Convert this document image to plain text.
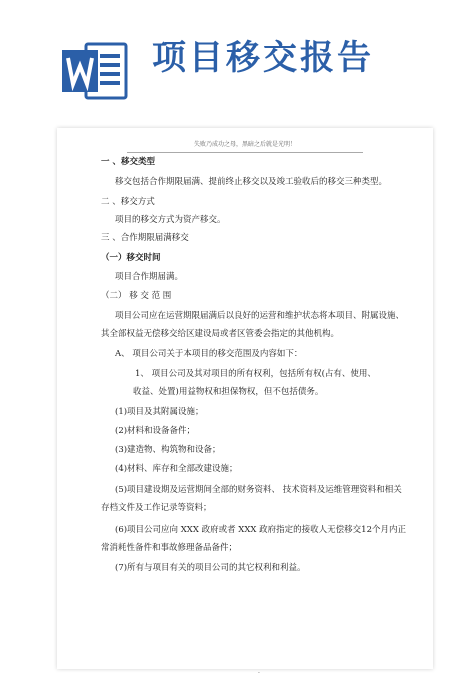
项目移交报告
失败乃成功之母，黑暗之后就是光明！
一 、移交类型
移交包括合作期限届满、提前终止移交以及竣工验收后的移交三种类型。
二 、移交方式
项目的移交方式为资产移交。
三 、合作期限届满移交
（一）移交时间
项目合作期届满。
（二） 移 交 范 围
项目公司应在运营期限届满后以良好的运营和维护状态将本项目、附属设施、
其全部权益无偿移交给区建设局或者区管委会指定的其他机构。
A、 项目公司关于本项目的移交范围及内容如下：
1、 项目公司及其对项目的所有权利，包括所有权(占有、使用、
收益、处置)用益物权和担保物权，但不包括债务。
(1)项目及其附属设施；
(2)材料和设备备件；
(3)建造物、构筑物和设备；
(4)材料、库存和全部改建设施；
(5)项目建设期及运营期间全部的财务资料、 技术资料及运维管理资料和相关
存档文件及工作记录等资料；
(6)项目公司应向 XXX 政府或者 XXX 政府指定的接收人无偿移交12个月内正
常消耗性备件和事故修理备品备件；
(7)所有与项目有关的项目公司的其它权利和利益。
.
